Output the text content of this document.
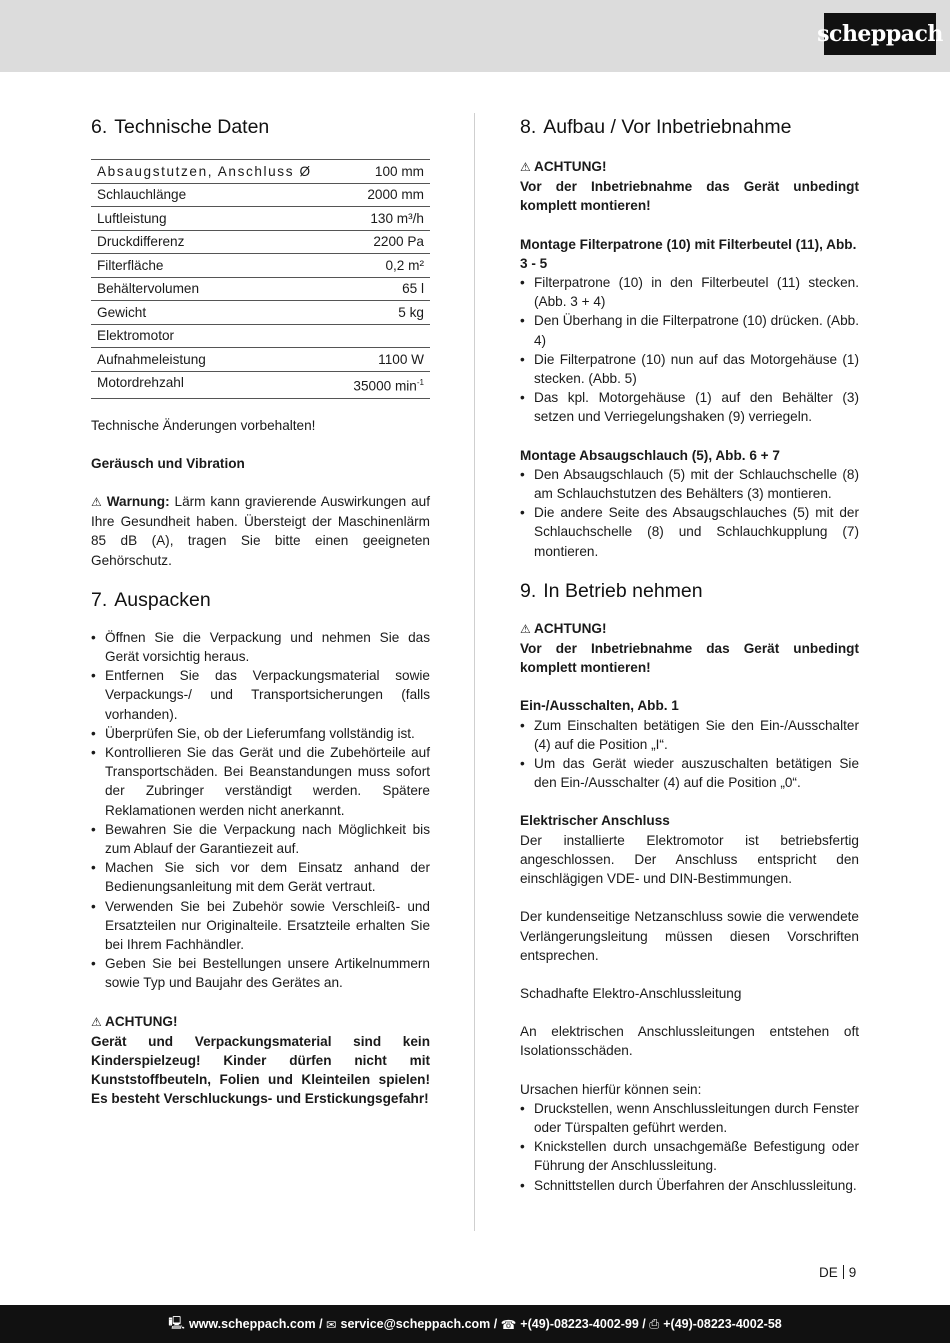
scheppach
6. Technische Daten
Absaugstutzen, Anschluss Ø	100 mm
Schlauchlänge	2000 mm
Luftleistung	130 m³/h
Druckdifferenz	2200 Pa
Filterfläche	0,2 m²
Behältervolumen	65 l
Gewicht	5 kg
Elektromotor	
Aufnahmeleistung	1100 W
Motordrehzahl	35000 $\min^{-1}$

Technische Änderungen vorbehalten!

Geräusch und Vibration

⚠ Warnung: Lärm kann gravierende Auswirkungen auf Ihre Gesundheit haben. Übersteigt der Maschinenlärm 85 dB (A), tragen Sie bitte einen geeigneten Gehörschutz.

7. Auspacken
• Öffnen Sie die Verpackung und nehmen Sie das Gerät vorsichtig heraus.
• Entfernen Sie das Verpackungsmaterial sowie Verpackungs-/ und Transportsicherungen (falls vorhanden).
• Überprüfen Sie, ob der Lieferumfang vollständig ist.
• Kontrollieren Sie das Gerät und die Zubehörteile auf Transportschäden. Bei Beanstandungen muss sofort der Zubringer verständigt werden. Spätere Reklamationen werden nicht anerkannt.
• Bewahren Sie die Verpackung nach Möglichkeit bis zum Ablauf der Garantiezeit auf.
• Machen Sie sich vor dem Einsatz anhand der Bedienungsanleitung mit dem Gerät vertraut.
• Verwenden Sie bei Zubehör sowie Verschleiß- und Ersatzteilen nur Originalteile. Ersatzteile erhalten Sie bei Ihrem Fachhändler.
• Geben Sie bei Bestellungen unsere Artikelnummern sowie Typ und Baujahr des Gerätes an.

⚠ ACHTUNG!

Gerät und Verpackungsmaterial sind kein Kinderspielzeug! Kinder dürfen nicht mit Kunststoffbeuteln, Folien und Kleinteilen spielen! Es besteht Verschluckungs- und Erstickungsgefahr!

8. Aufbau / Vor Inbetriebnahme

⚠ ACHTUNG!

Vor der Inbetriebnahme das Gerät unbedingt komplett montieren!

Montage Filterpatrone (10) mit Filterbeutel (11), Abb. 3 - 5

• Filterpatrone (10) in den Filterbeutel (11) stecken. (Abb. 3 + 4)
• Den Überhang in die Filterpatrone (10) drücken. (Abb. 4)
• Die Filterpatrone (10) nun auf das Motorgehäuse (1) stecken. (Abb. 5)
• Das kpl. Motorgehäuse (1) auf den Behälter (3) setzen und Verriegelungshaken (9) verriegeln.

Montage Absaugschlauch (5), Abb. 6 + 7

• Den Absaugschlauch (5) mit der Schlauchschelle (8) am Schlauchstutzen des Behälters (3) montieren.
• Die andere Seite des Absaugschlauches (5) mit der Schlauchschelle (8) und Schlauchkupplung (7) montieren.
9. In Betrieb nehmen

⚠ ACHTUNG!

Vor der Inbetriebnahme das Gerät unbedingt komplett montieren!

Ein-/Ausschalten, Abb. 1

• Zum Einschalten betätigen Sie den Ein-/Ausschalter (4) auf die Position „I“.
• Um das Gerät wieder auszuschalten betätigen Sie den Ein-/Ausschalter (4) auf die Position „0“.

Elektrischer Anschluss

Der installierte Elektromotor ist betriebsfertig angeschlossen. Der Anschluss entspricht den einschlägigen VDE- und DIN-Bestimmungen.

Der kundenseitige Netzanschluss sowie die verwendete Verlängerungsleitung müssen diesen Vorschriften entsprechen.

Schadhafte Elektro-Anschlussleitung

An elektrischen Anschlussleitungen entstehen oft Isolationsschäden.

Ursachen hierfür können sein:

• Druckstellen, wenn Anschlussleitungen durch Fenster oder Türspalten geführt werden.
• Knickstellen durch unsachgemäße Befestigung oder Führung der Anschlussleitung.
• Schnittstellen durch Überfahren der Anschlussleitung.
DE 9
🖳 www.scheppach.com /
✉ service@scheppach.com /
☎ +(49)-08223-4002-99 /
⎙ +(49)-08223-4002-58
